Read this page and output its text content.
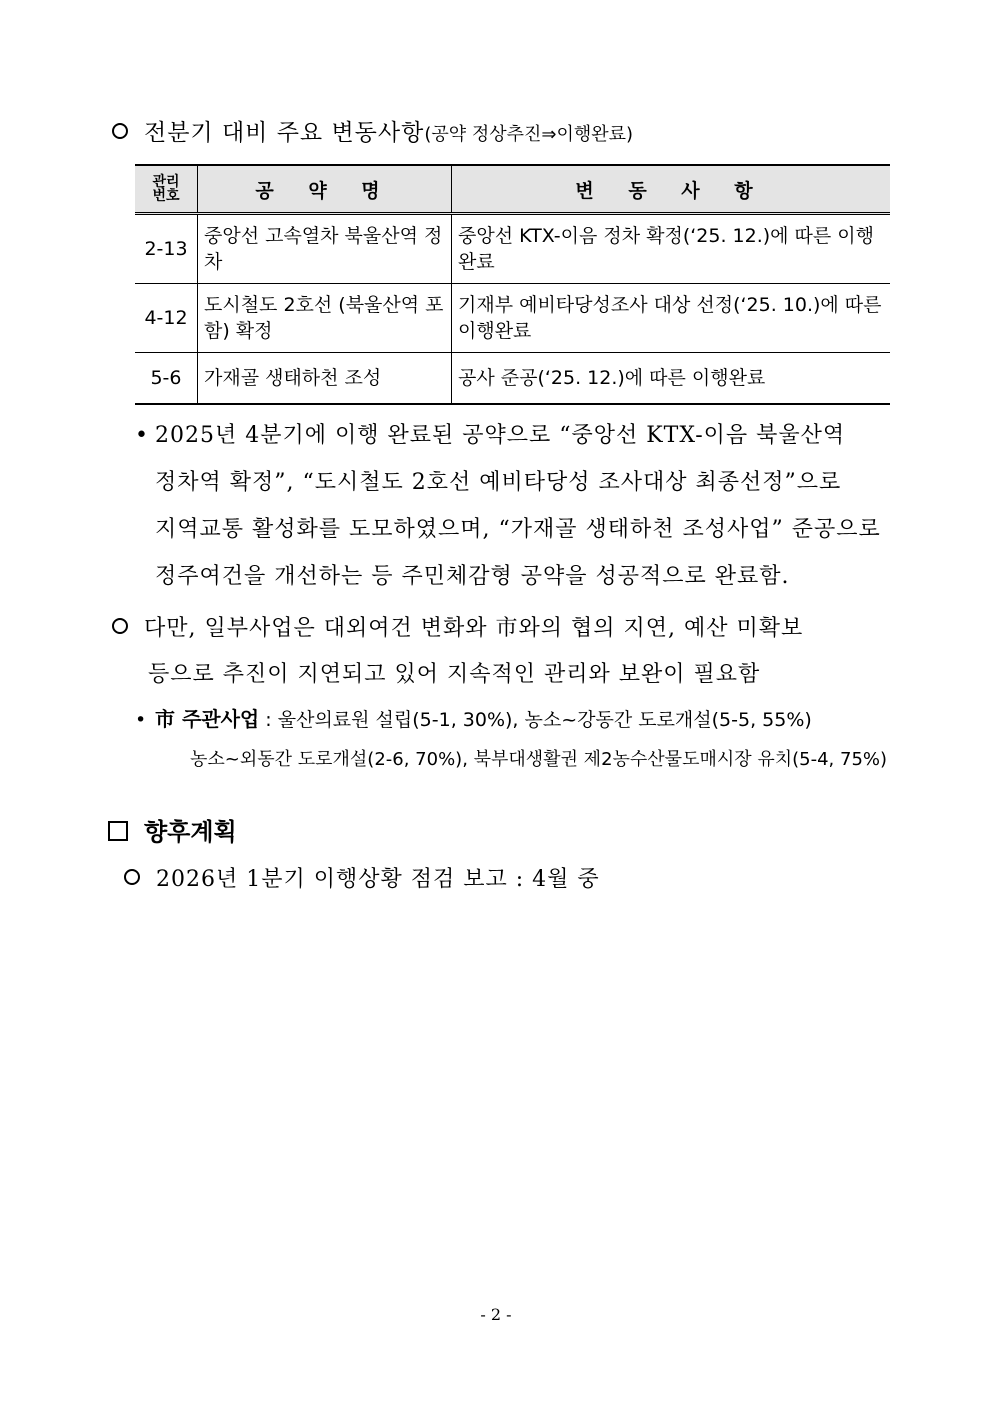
전분기 대비 주요 변동사항(공약 정상추진⇒이행완료)
관리
번호	공 약 명	변 동 사 항
2-13	중앙선 고속열차 북울산역 정차	중앙선 KTX-이음 정차 확정(‘25. 12.)에 따른 이행완료
4-12	도시철도 2호선 (북울산역 포함) 확정	기재부 예비타당성조사 대상 선정(‘25. 10.)에 따른 이행완료
5-6	가재골 생태하천 조성	공사 준공(‘25. 12.)에 따른 이행완료
• 2025년 4분기에 이행 완료된 공약으로 “중앙선 KTX-이음 북울산역
정차역 확정”, “도시철도 2호선 예비타당성 조사대상 최종선정”으로
지역교통 활성화를 도모하였으며, “가재골 생태하천 조성사업” 준공으로
정주여건을 개선하는 등 주민체감형 공약을 성공적으로 완료함.
다만, 일부사업은 대외여건 변화와 市와의 협의 지연, 예산 미확보
등으로 추진이 지연되고 있어 지속적인 관리와 보완이 필요함
• 市 주관사업 : 울산의료원 설립(5-1, 30%), 농소~강동간 도로개설(5-5, 55%)
농소~외동간 도로개설(2-6, 70%), 북부대생활권 제2농수산물도매시장 유치(5-4, 75%)
향후계획
2026년 1분기 이행상황 점검 보고 : 4월 중
- 2 -
